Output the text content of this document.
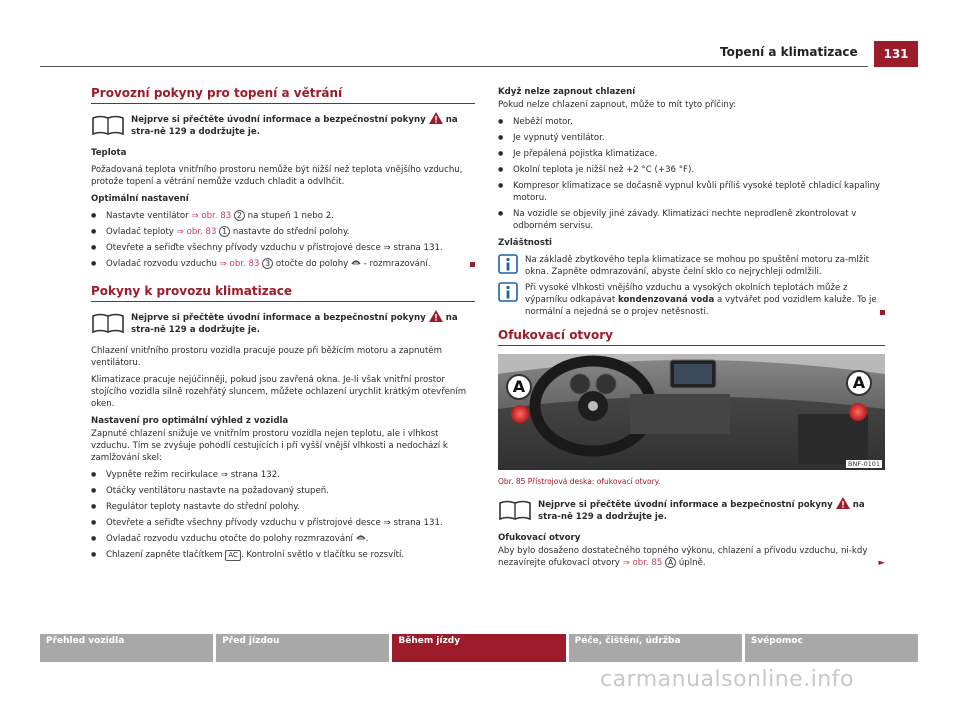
Topení a klimatizace	131
Provozní pokyny pro topení a větrání
Nejprve si přečtěte úvodní informace a bezpečnostní pokyny  na stra-ně 129 a dodržujte je.

Teplota

Požadovaná teplota vnitřního prostoru nemůže být nižší než teplota vnějšího vzduchu, protože topení a větrání nemůže vzduch chladit a odvlhčit.

Optimální nastavení

● Nastavte ventilátor ⇒ obr. 83 2 na stupeň 1 nebo 2.
● Ovladač teploty ⇒ obr. 83 1 nastavte do střední polohy.
● Otevřete a seřiďte všechny přívody vzduchu v přístrojové desce ⇒ strana 131.
● Ovladač rozvodu vzduchu ⇒ obr. 83 3 otočte do polohy  - rozmrazování.
Pokyny k provozu klimatizace
Nejprve si přečtěte úvodní informace a bezpečnostní pokyny  na stra-ně 129 a dodržujte je.

Chlazení vnitřního prostoru vozidla pracuje pouze při běžícím motoru a zapnutém ventilátoru.

Klimatizace pracuje nejúčinněji, pokud jsou zavřená okna. Je-li však vnitřní prostor stojícího vozidla silně rozehřátý sluncem, můžete ochlazení urychlit krátkým otevřením oken.

Nastavení pro optimální výhled z vozidla

Zapnuté chlazení snižuje ve vnitřním prostoru vozidla nejen teplotu, ale i vlhkost vzduchu. Tím se zvyšuje pohodlí cestujících i při vyšší vnější vlhkosti a nedochází k zamlžování skel:

● Vypněte režim recirkulace ⇒ strana 132.
● Otáčky ventilátoru nastavte na požadovaný stupeň.
● Regulátor teploty nastavte do střední polohy.
● Otevřete a seřiďte všechny přívody vzduchu v přístrojové desce ⇒ strana 131.
● Ovladač rozvodu vzduchu otočte do polohy rozmrazování .
● Chlazení zapněte tlačítkem AC . Kontrolní světlo v tlačítku se rozsvítí.

Když nelze zapnout chlazení

Pokud nelze chlazení zapnout, může to mít tyto příčiny:

● Neběží motor.
● Je vypnutý ventilátor.
● Je přepálená pojistka klimatizace.
● Okolní teplota je nižší než +2 °C (+36 °F).
● Kompresor klimatizace se dočasně vypnul kvůli příliš vysoké teplotě chladicí kapaliny motoru.
● Na vozidle se objevily jiné závady. Klimatizaci nechte neprodleně zkontrolovat v odborném servisu.

Zvláštnosti

Na základě zbytkového tepla klimatizace se mohou po spuštění motoru za-mlžit okna. Zapněte odmrazování, abyste čelní sklo co nejrychleji odmlžili.
Při vysoké vlhkosti vnějšího vzduchu a vysokých okolních teplotách může z výparníku odkapávat kondenzovaná voda a vytvářet pod vozidlem kaluže. To je normální a nejedná se o projev netěsnosti.
Ofukovací otvory
A	A
BNF-0101
Obr. 85 Přístrojová deska: ofukovací otvory.
Nejprve si přečtěte úvodní informace a bezpečnostní pokyny  na stra-ně 129 a dodržujte je.

Ofukovací otvory

Aby bylo dosaženo dostatečného topného výkonu, chlazení a přívodu vzduchu, ni-kdy nezavírejte ofukovací otvory ⇒ obr. 85 A úplně.	►

Přehled vozidla	Před jízdou	Během jízdy	Péče, čištění, údržba	Svépomoc
carmanualsonline.info
